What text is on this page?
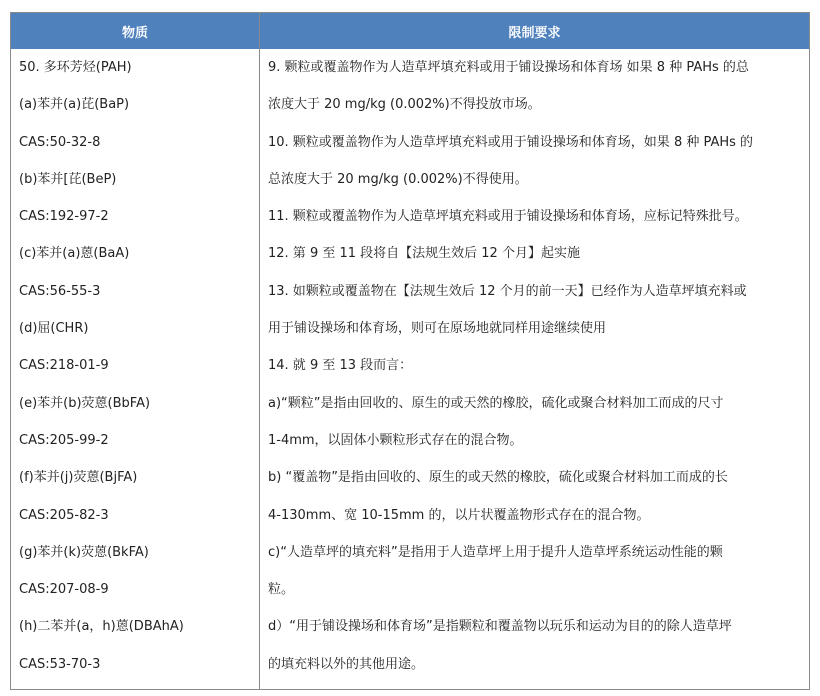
物质	限制要求
50. 多环芳烃(PAH)
(a)苯并(a)芘(BaP)
CAS:50-32-8
(b)苯并[芘(BeP)
CAS:192-97-2
(c)苯并(a)蒽(BaA)
CAS:56-55-3
(d)屈(CHR)
CAS:218-01-9
(e)苯并(b)荧蒽(BbFA)
CAS:205-99-2
(f)苯并(j)荧蒽(BjFA)
CAS:205-82-3
(g)苯并(k)荧蒽(BkFA)
CAS:207-08-9
(h)二苯并(a，h)蒽(DBAhA)
CAS:53-70-3
9. 颗粒或覆盖物作为人造草坪填充料或用于铺设操场和体育场 如果 8 种 PAHs 的总
浓度大于 20 mg/kg (0.002%)不得投放市场。
10. 颗粒或覆盖物作为人造草坪填充料或用于铺设操场和体育场，如果 8 种 PAHs 的
总浓度大于 20 mg/kg (0.002%)不得使用。
11. 颗粒或覆盖物作为人造草坪填充料或用于铺设操场和体育场，应标记特殊批号。
12. 第 9 至 11 段将自【法规生效后 12 个月】起实施
13. 如颗粒或覆盖物在【法规生效后 12 个月的前一天】已经作为人造草坪填充料或
用于铺设操场和体育场，则可在原场地就同样用途继续使用
14. 就 9 至 13 段而言：
a)“颗粒”是指由回收的、原生的或天然的橡胶，硫化或聚合材料加工而成的尺寸
1-4mm，以固体小颗粒形式存在的混合物。
b) “覆盖物”是指由回收的、原生的或天然的橡胶，硫化或聚合材料加工而成的长
4-130mm、宽 10-15mm 的，以片状覆盖物形式存在的混合物。
c)“人造草坪的填充料”是指用于人造草坪上用于提升人造草坪系统运动性能的颗
粒。
d）“用于铺设操场和体育场”是指颗粒和覆盖物以玩乐和运动为目的的除人造草坪
的填充料以外的其他用途。
